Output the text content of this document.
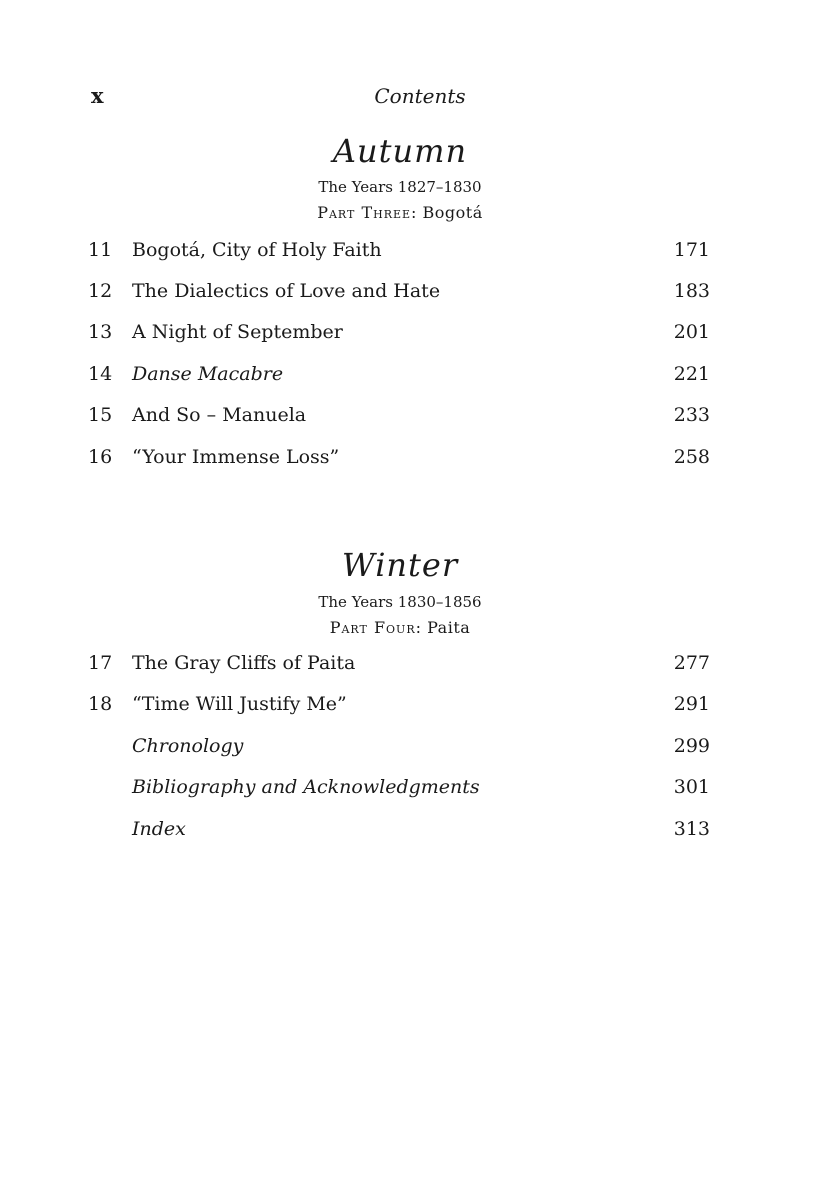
x	Contents
Autumn
The Years 1827–1830
Part Three: Bogotá
11	Bogotá, City of Holy Faith	171
12	The Dialectics of Love and Hate	183
13	A Night of September	201
14	Danse Macabre	221
15	And So – Manuela	233
16	“Your Immense Loss”	258
Winter
The Years 1830–1856
Part Four: Paita
17	The Gray Cliffs of Paita	277
18	“Time Will Justify Me”	291
Chronology	299
Bibliography and Acknowledgments	301
Index	313
